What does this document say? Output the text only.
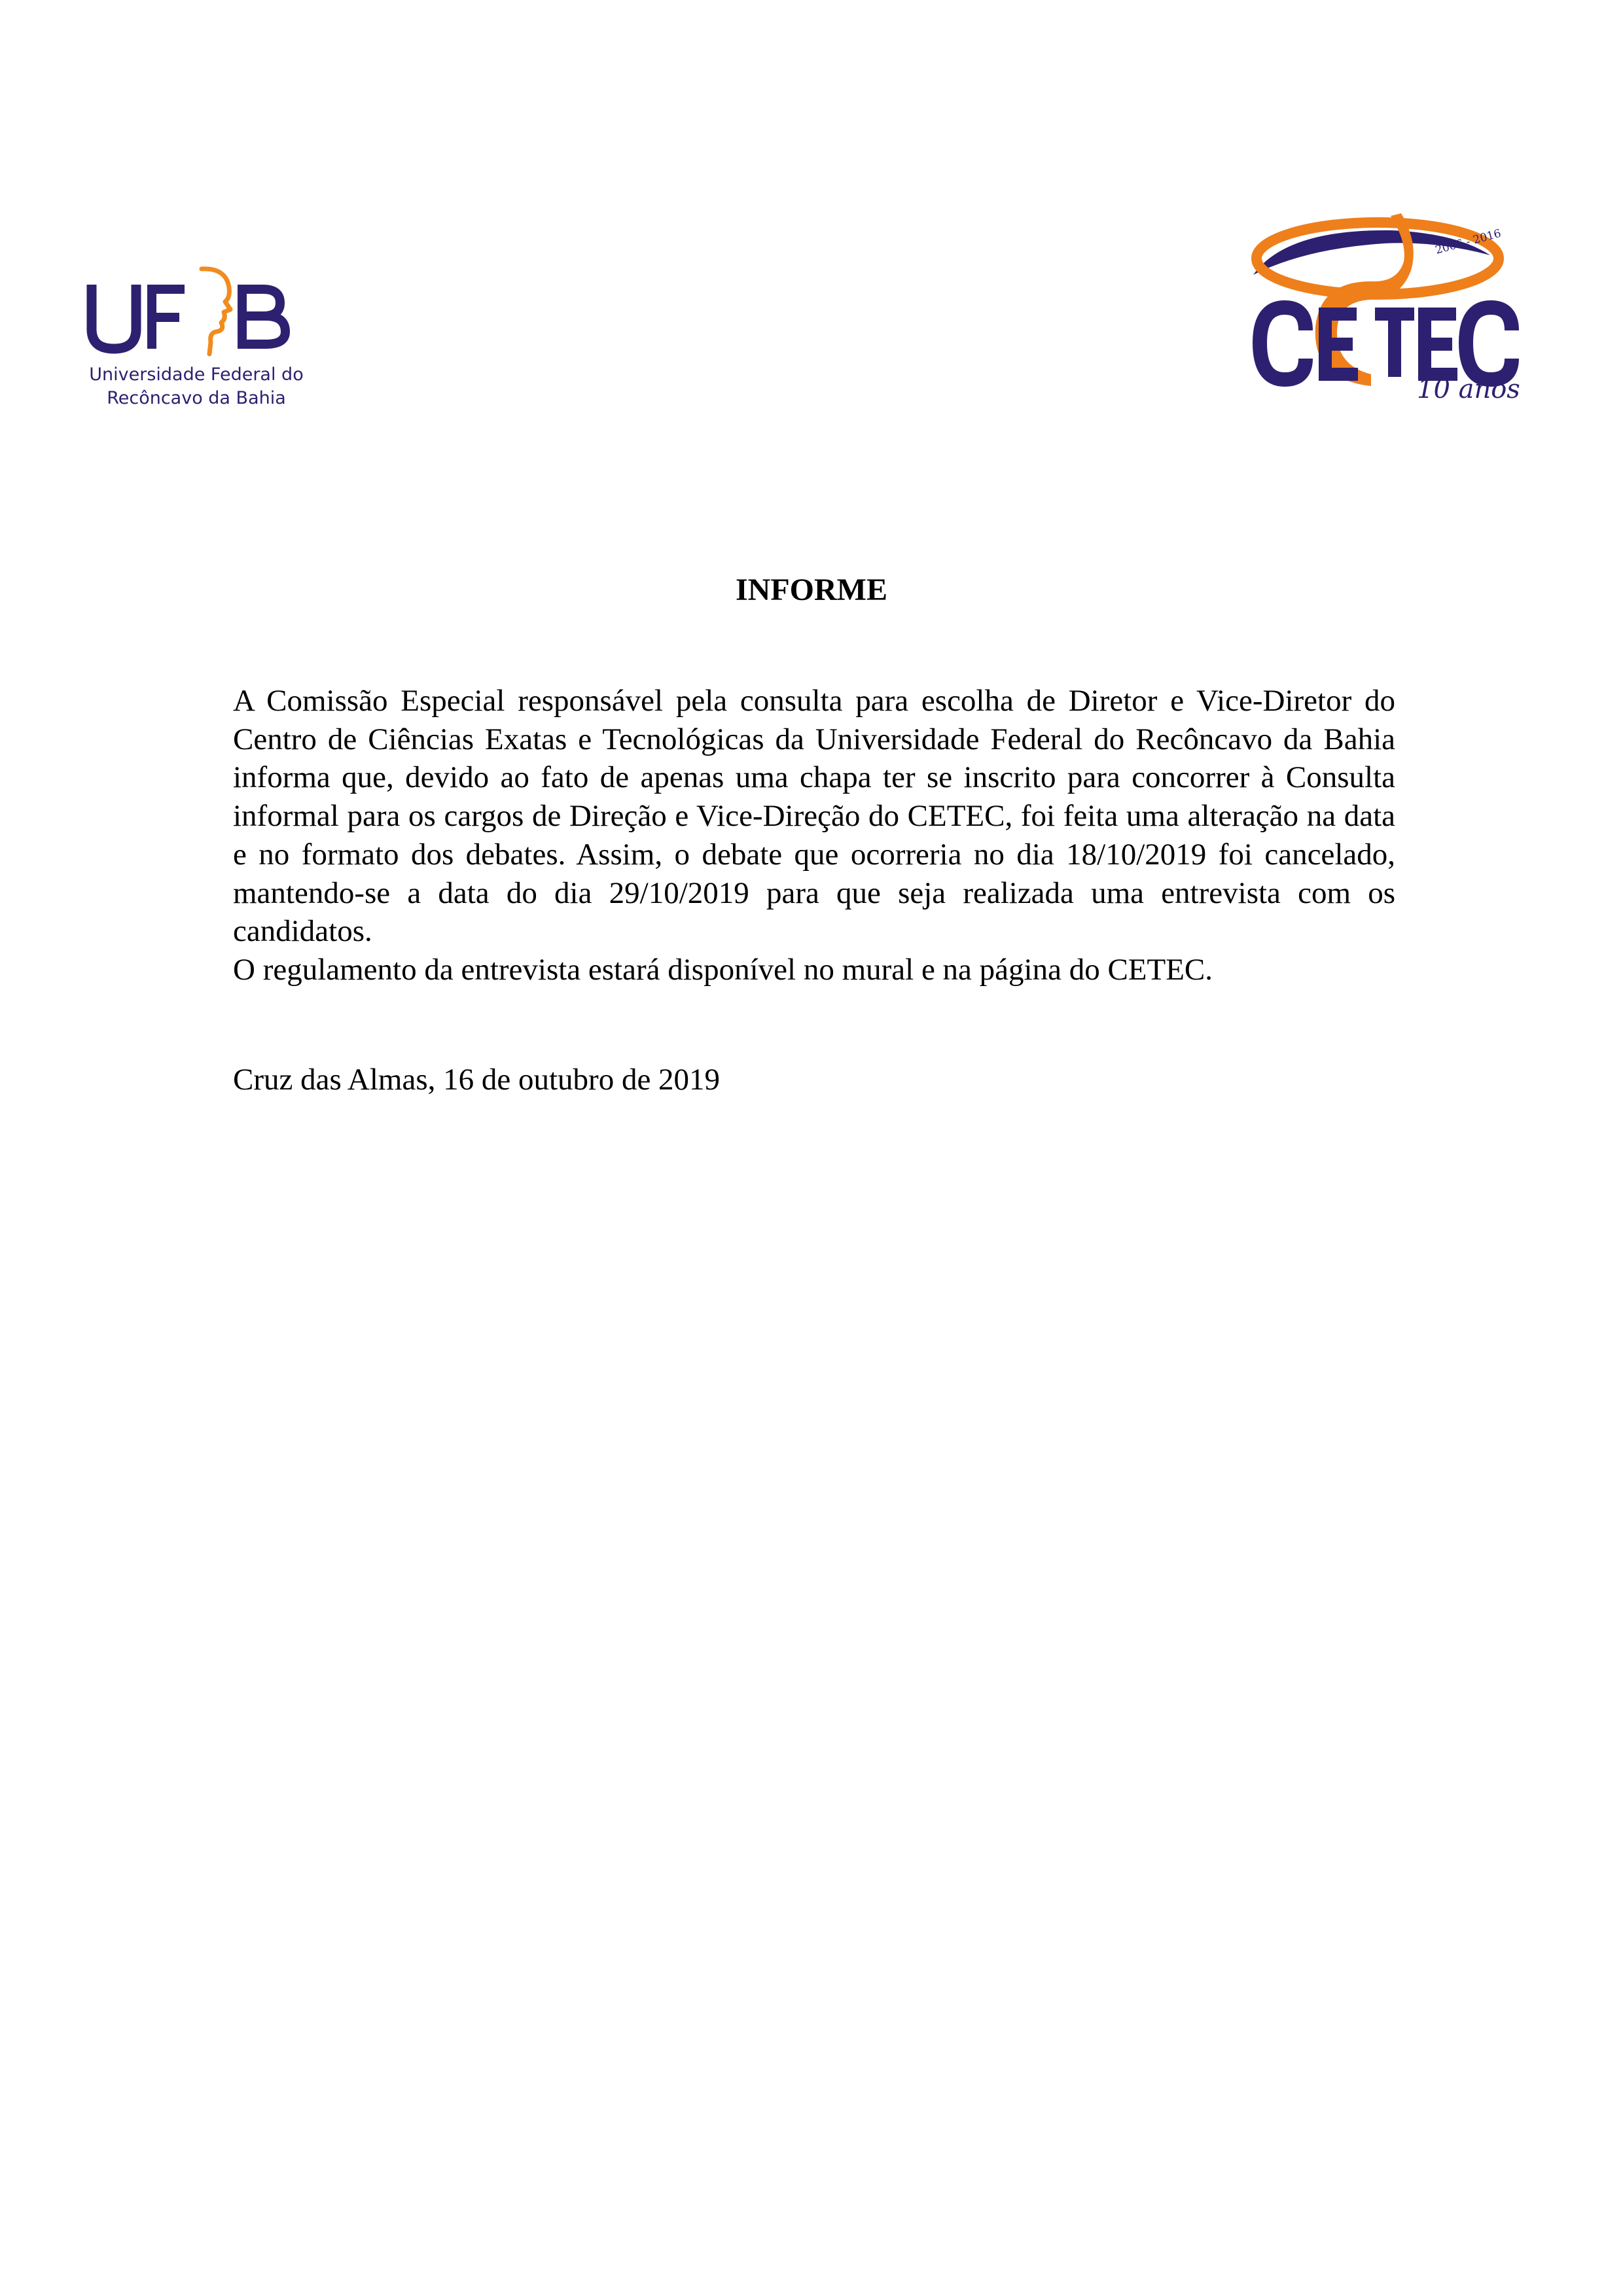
Universidade Federal do
Recôncavo da Bahia
2006 - 2016
10 anos
INFORME

A Comissão Especial responsável pela consulta para escolha de Diretor e Vice-Diretor do Centro de Ciências Exatas e Tecnológicas da Universidade Federal do Recôncavo da Bahia informa que, devido ao fato de apenas uma chapa ter se inscrito para concorrer à Consulta informal para os cargos de Direção e Vice-Direção do CETEC, foi feita uma alteração na data e no formato dos debates. Assim, o debate que ocorreria no dia 18/10/2019 foi cancelado, mantendo-se a data do dia 29/10/2019 para que seja realizada uma entrevista com os candidatos.

O regulamento da entrevista estará disponível no mural e na página do CETEC.

Cruz das Almas, 16 de outubro de 2019
